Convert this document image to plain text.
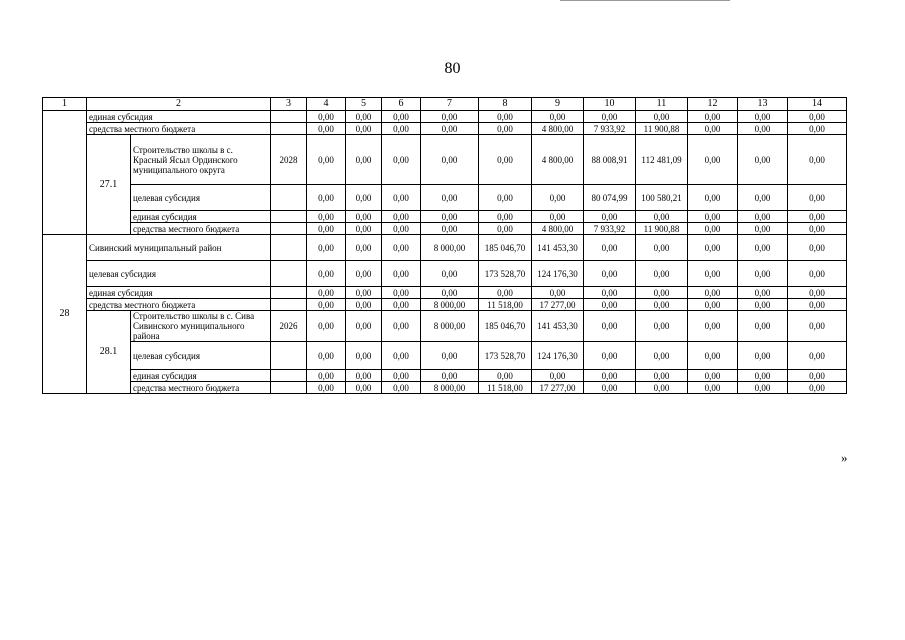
80
1	2		3	4	5	6	7	8	9	10	11	12	13	14
	единая субсидия			0,00	0,00	0,00	0,00	0,00	0,00	0,00	0,00	0,00	0,00	0,00
	средства местного бюджета			0,00	0,00	0,00	0,00	0,00	4 800,00	7 933,92	11 900,88	0,00	0,00	0,00
	27.1	Строительство школы в с. Красный Ясыл Ординского муниципального округа	2028	0,00	0,00	0,00	0,00	0,00	4 800,00	88 008,91	112 481,09	0,00	0,00	0,00
		целевая субсидия		0,00	0,00	0,00	0,00	0,00	0,00	80 074,99	100 580,21	0,00	0,00	0,00
		единая субсидия		0,00	0,00	0,00	0,00	0,00	0,00	0,00	0,00	0,00	0,00	0,00
		средства местного бюджета		0,00	0,00	0,00	0,00	0,00	4 800,00	7 933,92	11 900,88	0,00	0,00	0,00
28	Сивинский муниципальный район			0,00	0,00	0,00	8 000,00	185 046,70	141 453,30	0,00	0,00	0,00	0,00	0,00
	целевая субсидия			0,00	0,00	0,00	0,00	173 528,70	124 176,30	0,00	0,00	0,00	0,00	0,00
	единая субсидия			0,00	0,00	0,00	0,00	0,00	0,00	0,00	0,00	0,00	0,00	0,00
	средства местного бюджета			0,00	0,00	0,00	8 000,00	11 518,00	17 277,00	0,00	0,00	0,00	0,00	0,00
	28.1	Строительство школы в с. Сива Сивинского муниципального района	2026	0,00	0,00	0,00	8 000,00	185 046,70	141 453,30	0,00	0,00	0,00	0,00	0,00
		целевая субсидия		0,00	0,00	0,00	0,00	173 528,70	124 176,30	0,00	0,00	0,00	0,00	0,00
		единая субсидия		0,00	0,00	0,00	0,00	0,00	0,00	0,00	0,00	0,00	0,00	0,00
		средства местного бюджета		0,00	0,00	0,00	8 000,00	11 518,00	17 277,00	0,00	0,00	0,00	0,00	0,00
»
